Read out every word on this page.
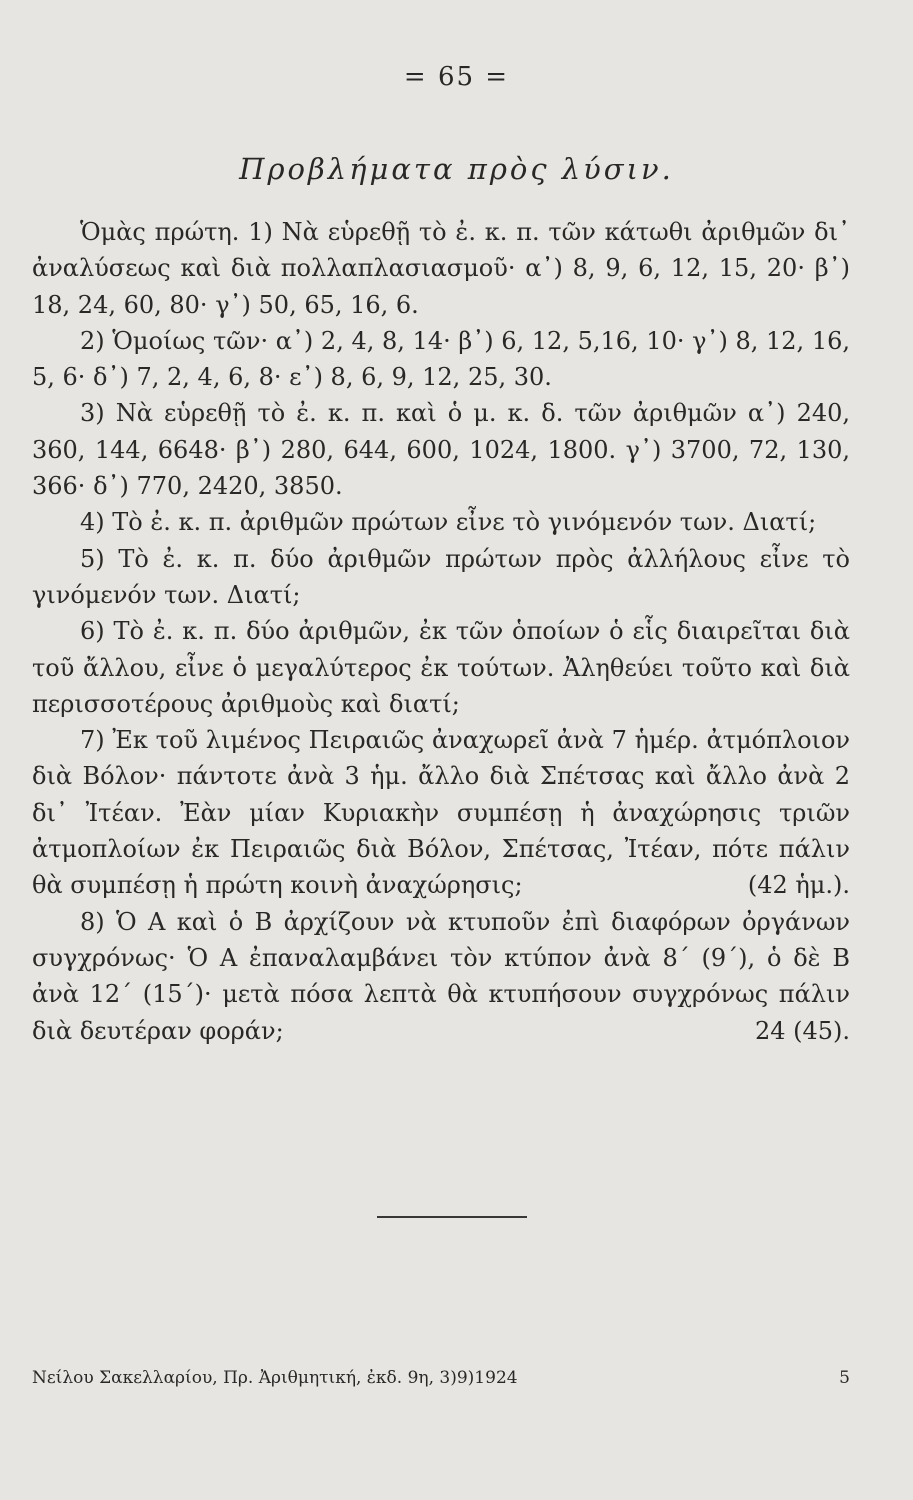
= 65 =
Προβλήματα πρὸς λύσιν.

Ὁμὰς πρώτη. 1) Νὰ εὑρεθῇ τὸ ἐ. κ. π. τῶν κάτωθι ἀριθμῶν δι᾽ ἀναλύσεως καὶ διὰ πολλαπλασιασμοῦ· α᾽) 8, 9, 6, 12, 15, 20· β᾽) 18, 24, 60, 80· γ᾽) 50, 65, 16, 6.

2) Ὁμοίως τῶν· α᾽) 2, 4, 8, 14· β᾽) 6, 12, 5,16, 10· γ᾽) 8, 12, 16, 5, 6· δ᾽) 7, 2, 4, 6, 8· ε᾽) 8, 6, 9, 12, 25, 30.

3) Νὰ εὑρεθῇ τὸ ἐ. κ. π. καὶ ὁ μ. κ. δ. τῶν ἀριθμῶν α᾽) 240, 360, 144, 6648· β᾽) 280, 644, 600, 1024, 1800. γ᾽) 3700, 72, 130, 366· δ᾽) 770, 2420, 3850.

4) Τὸ ἐ. κ. π. ἀριθμῶν πρώτων εἶνε τὸ γινόμενόν των. Διατί;

5) Τὸ ἐ. κ. π. δύο ἀριθμῶν πρώτων πρὸς ἀλλήλους εἶνε τὸ γινόμενόν των. Διατί;

6) Τὸ ἐ. κ. π. δύο ἀριθμῶν, ἐκ τῶν ὁποίων ὁ εἷς διαιρεῖται διὰ τοῦ ἄλλου, εἶνε ὁ μεγαλύτερος ἐκ τούτων. Ἀληθεύει τοῦτο καὶ διὰ περισσοτέρους ἀριθμοὺς καὶ διατί;

7) Ἐκ τοῦ λιμένος Πειραιῶς ἀναχωρεῖ ἀνὰ 7 ἡμέρ. ἀτμόπλοιον διὰ Βόλον· πάντοτε ἀνὰ 3 ἡμ. ἄλλο διὰ Σπέτσας καὶ ἄλλο ἀνὰ 2 δι᾽ Ἰτέαν. Ἐὰν μίαν Κυριακὴν συμπέσῃ ἡ ἀναχώρησις τριῶν ἀτμοπλοίων ἐκ Πειραιῶς διὰ Βόλον, Σπέτσας, Ἰτέαν, πότε πάλιν θὰ συμπέσῃ ἡ πρώτη κοινὴ ἀναχώρησις;	(42 ἡμ.).

8) Ὁ Α καὶ ὁ Β ἀρχίζουν νὰ κτυποῦν ἐπὶ διαφόρων ὀργάνων συγχρόνως· Ὁ Α ἐπαναλαμβάνει τὸν κτύπον ἀνὰ 8΄ (9΄), ὁ δὲ Β ἀνὰ 12΄ (15΄)· μετὰ πόσα λεπτὰ θὰ κτυπήσουν συγχρόνως πάλιν διὰ δευτέραν φοράν;	24 (45).

Νείλου Σακελλαρίου, Πρ. Ἀριθμητική, ἐκδ. 9η, 3)9)1924	5
